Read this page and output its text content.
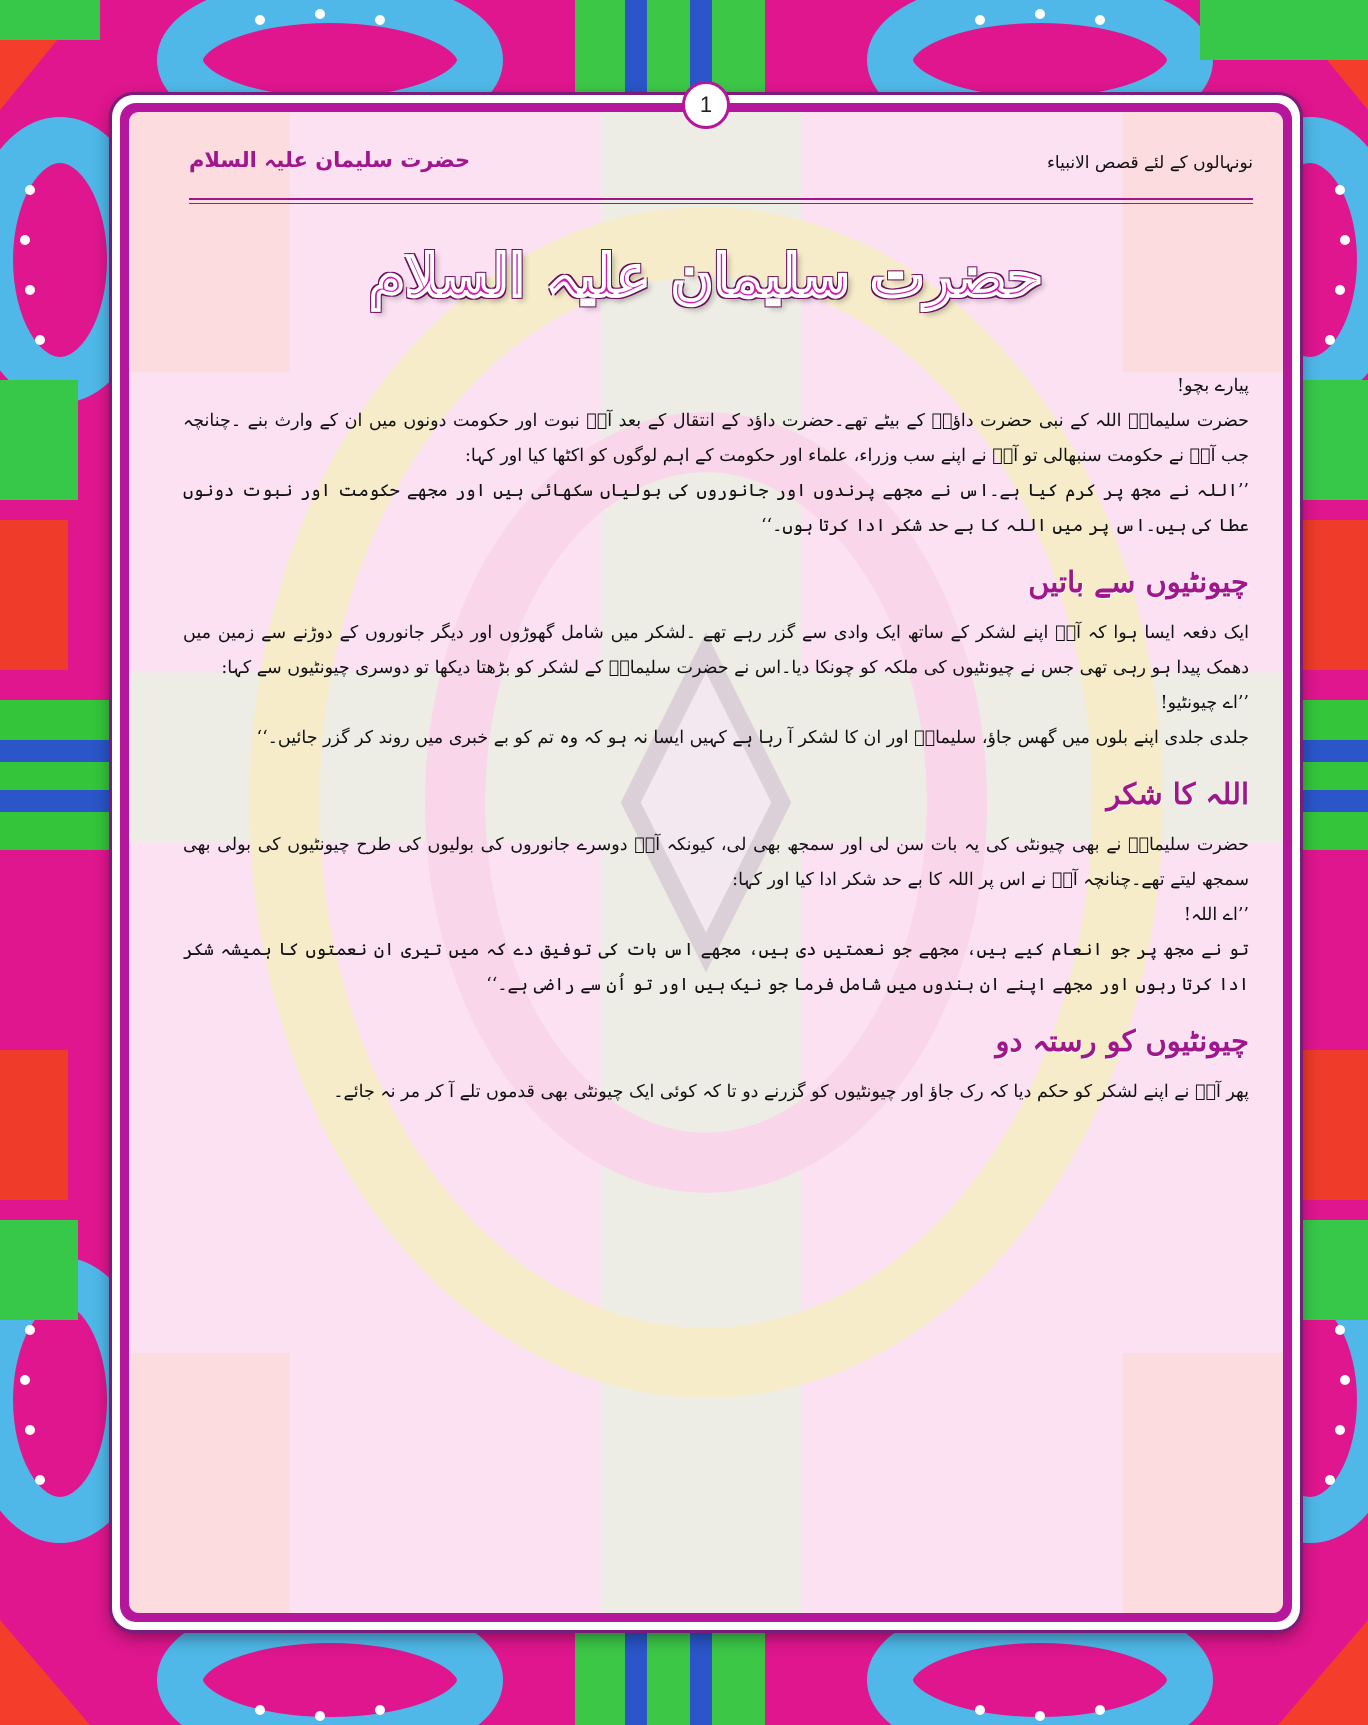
نونہالوں کے لئے قصص الانبیاء
حضرت سلیمان علیہ السلام
حضرت سلیمان علیہ السلام

پیارے بچو!

حضرت سلیمانؑ اللہ کے نبی حضرت داؤدؑ کے بیٹے تھے۔حضرت داؤد کے انتقال کے بعد آپؑ نبوت اور حکومت دونوں میں ان کے وارث بنے ۔چنانچہ جب آپؑ نے حکومت سنبھالی تو آپؑ نے اپنے سب وزراء، علماء اور حکومت کے اہم لوگوں کو اکٹھا کیا اور کہا:

’’اللہ نے مجھ پر کرم کیا ہے۔اس نے مجھے پرندوں اور جانوروں کی بولیاں سکھائی ہیں اور مجھے حکومت اور نبوت دونوں عطا کی ہیں۔اس پر میں اللہ کا بے حد شکر ادا کرتا ہوں۔‘‘

چیونٹیوں سے باتیں

ایک دفعہ ایسا ہوا کہ آپؑ اپنے لشکر کے ساتھ ایک وادی سے گزر رہے تھے ۔لشکر میں شامل گھوڑوں اور دیگر جانوروں کے دوڑنے سے زمین میں دھمک پیدا ہو رہی تھی جس نے چیونٹیوں کی ملکہ کو چونکا دیا۔اس نے حضرت سلیمانؑ کے لشکر کو بڑھتا دیکھا تو دوسری چیونٹیوں سے کہا:

’’اے چیونٹیو!

جلدی جلدی اپنے بلوں میں گھس جاؤ، سلیمانؑ اور ان کا لشکر آ رہا ہے کہیں ایسا نہ ہو کہ وہ تم کو بے خبری میں روند کر گزر جائیں۔‘‘

اللہ کا شکر

حضرت سلیمانؑ نے بھی چیونٹی کی یہ بات سن لی اور سمجھ بھی لی، کیونکہ آپؑ دوسرے جانوروں کی بولیوں کی طرح چیونٹیوں کی بولی بھی سمجھ لیتے تھے۔چنانچہ آپؑ نے اس پر اللہ کا بے حد شکر ادا کیا اور کہا:

’’اے اللہ!

تو نے مجھ پر جو انعام کیے ہیں، مجھے جو نعمتیں دی ہیں، مجھے اس بات کی توفیق دے کہ میں تیری ان نعمتوں کا ہمیشہ شکر ادا کرتا رہوں اور مجھے اپنے ان بندوں میں شامل فرما جو نیک ہیں اور تو اُن سے راضی ہے۔‘‘

چیونٹیوں کو رستہ دو

پھر آپؑ نے اپنے لشکر کو حکم دیا کہ رک جاؤ اور چیونٹیوں کو گزرنے دو تا کہ کوئی ایک چیونٹی بھی قدموں تلے آ کر مر نہ جائے۔

1
